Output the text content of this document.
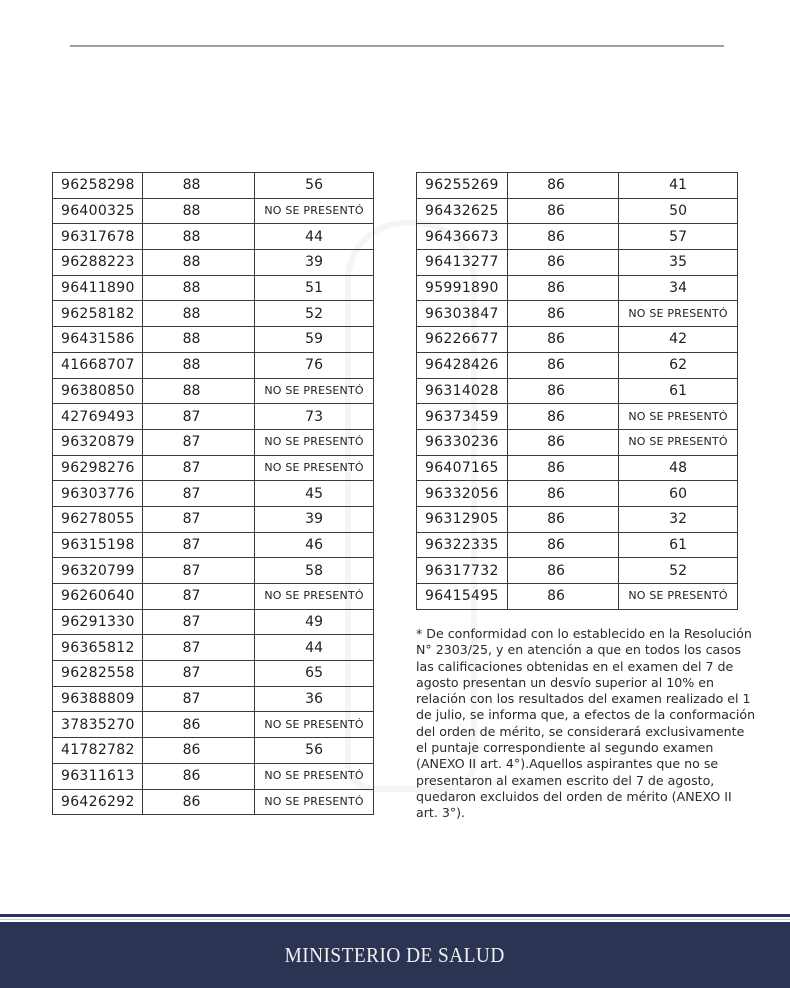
96258298	88	56
96400325	88	NO SE PRESENTÓ
96317678	88	44
96288223	88	39
96411890	88	51
96258182	88	52
96431586	88	59
41668707	88	76
96380850	88	NO SE PRESENTÓ
42769493	87	73
96320879	87	NO SE PRESENTÓ
96298276	87	NO SE PRESENTÓ
96303776	87	45
96278055	87	39
96315198	87	46
96320799	87	58
96260640	87	NO SE PRESENTÓ
96291330	87	49
96365812	87	44
96282558	87	65
96388809	87	36
37835270	86	NO SE PRESENTÓ
41782782	86	56
96311613	86	NO SE PRESENTÓ
96426292	86	NO SE PRESENTÓ
96255269	86	41
96432625	86	50
96436673	86	57
96413277	86	35
95991890	86	34
96303847	86	NO SE PRESENTÓ
96226677	86	42
96428426	86	62
96314028	86	61
96373459	86	NO SE PRESENTÓ
96330236	86	NO SE PRESENTÓ
96407165	86	48
96332056	86	60
96312905	86	32
96322335	86	61
96317732	86	52
96415495	86	NO SE PRESENTÓ
* De conformidad con lo establecido en la Resolución N° 2303/25, y en atención a que en todos los casos las calificaciones obtenidas en el examen del 7 de agosto presentan un desvío superior al 10% en relación con los resultados del examen realizado el 1 de julio, se informa que, a efectos de la conformación del orden de mérito, se considerará exclusivamente el puntaje correspondiente al segundo examen (ANEXO II art. 4°).Aquellos aspirantes que no se presentaron al examen escrito del 7 de agosto, quedaron excluidos del orden de mérito (ANEXO II art. 3°).
MINISTERIO DE SALUD
